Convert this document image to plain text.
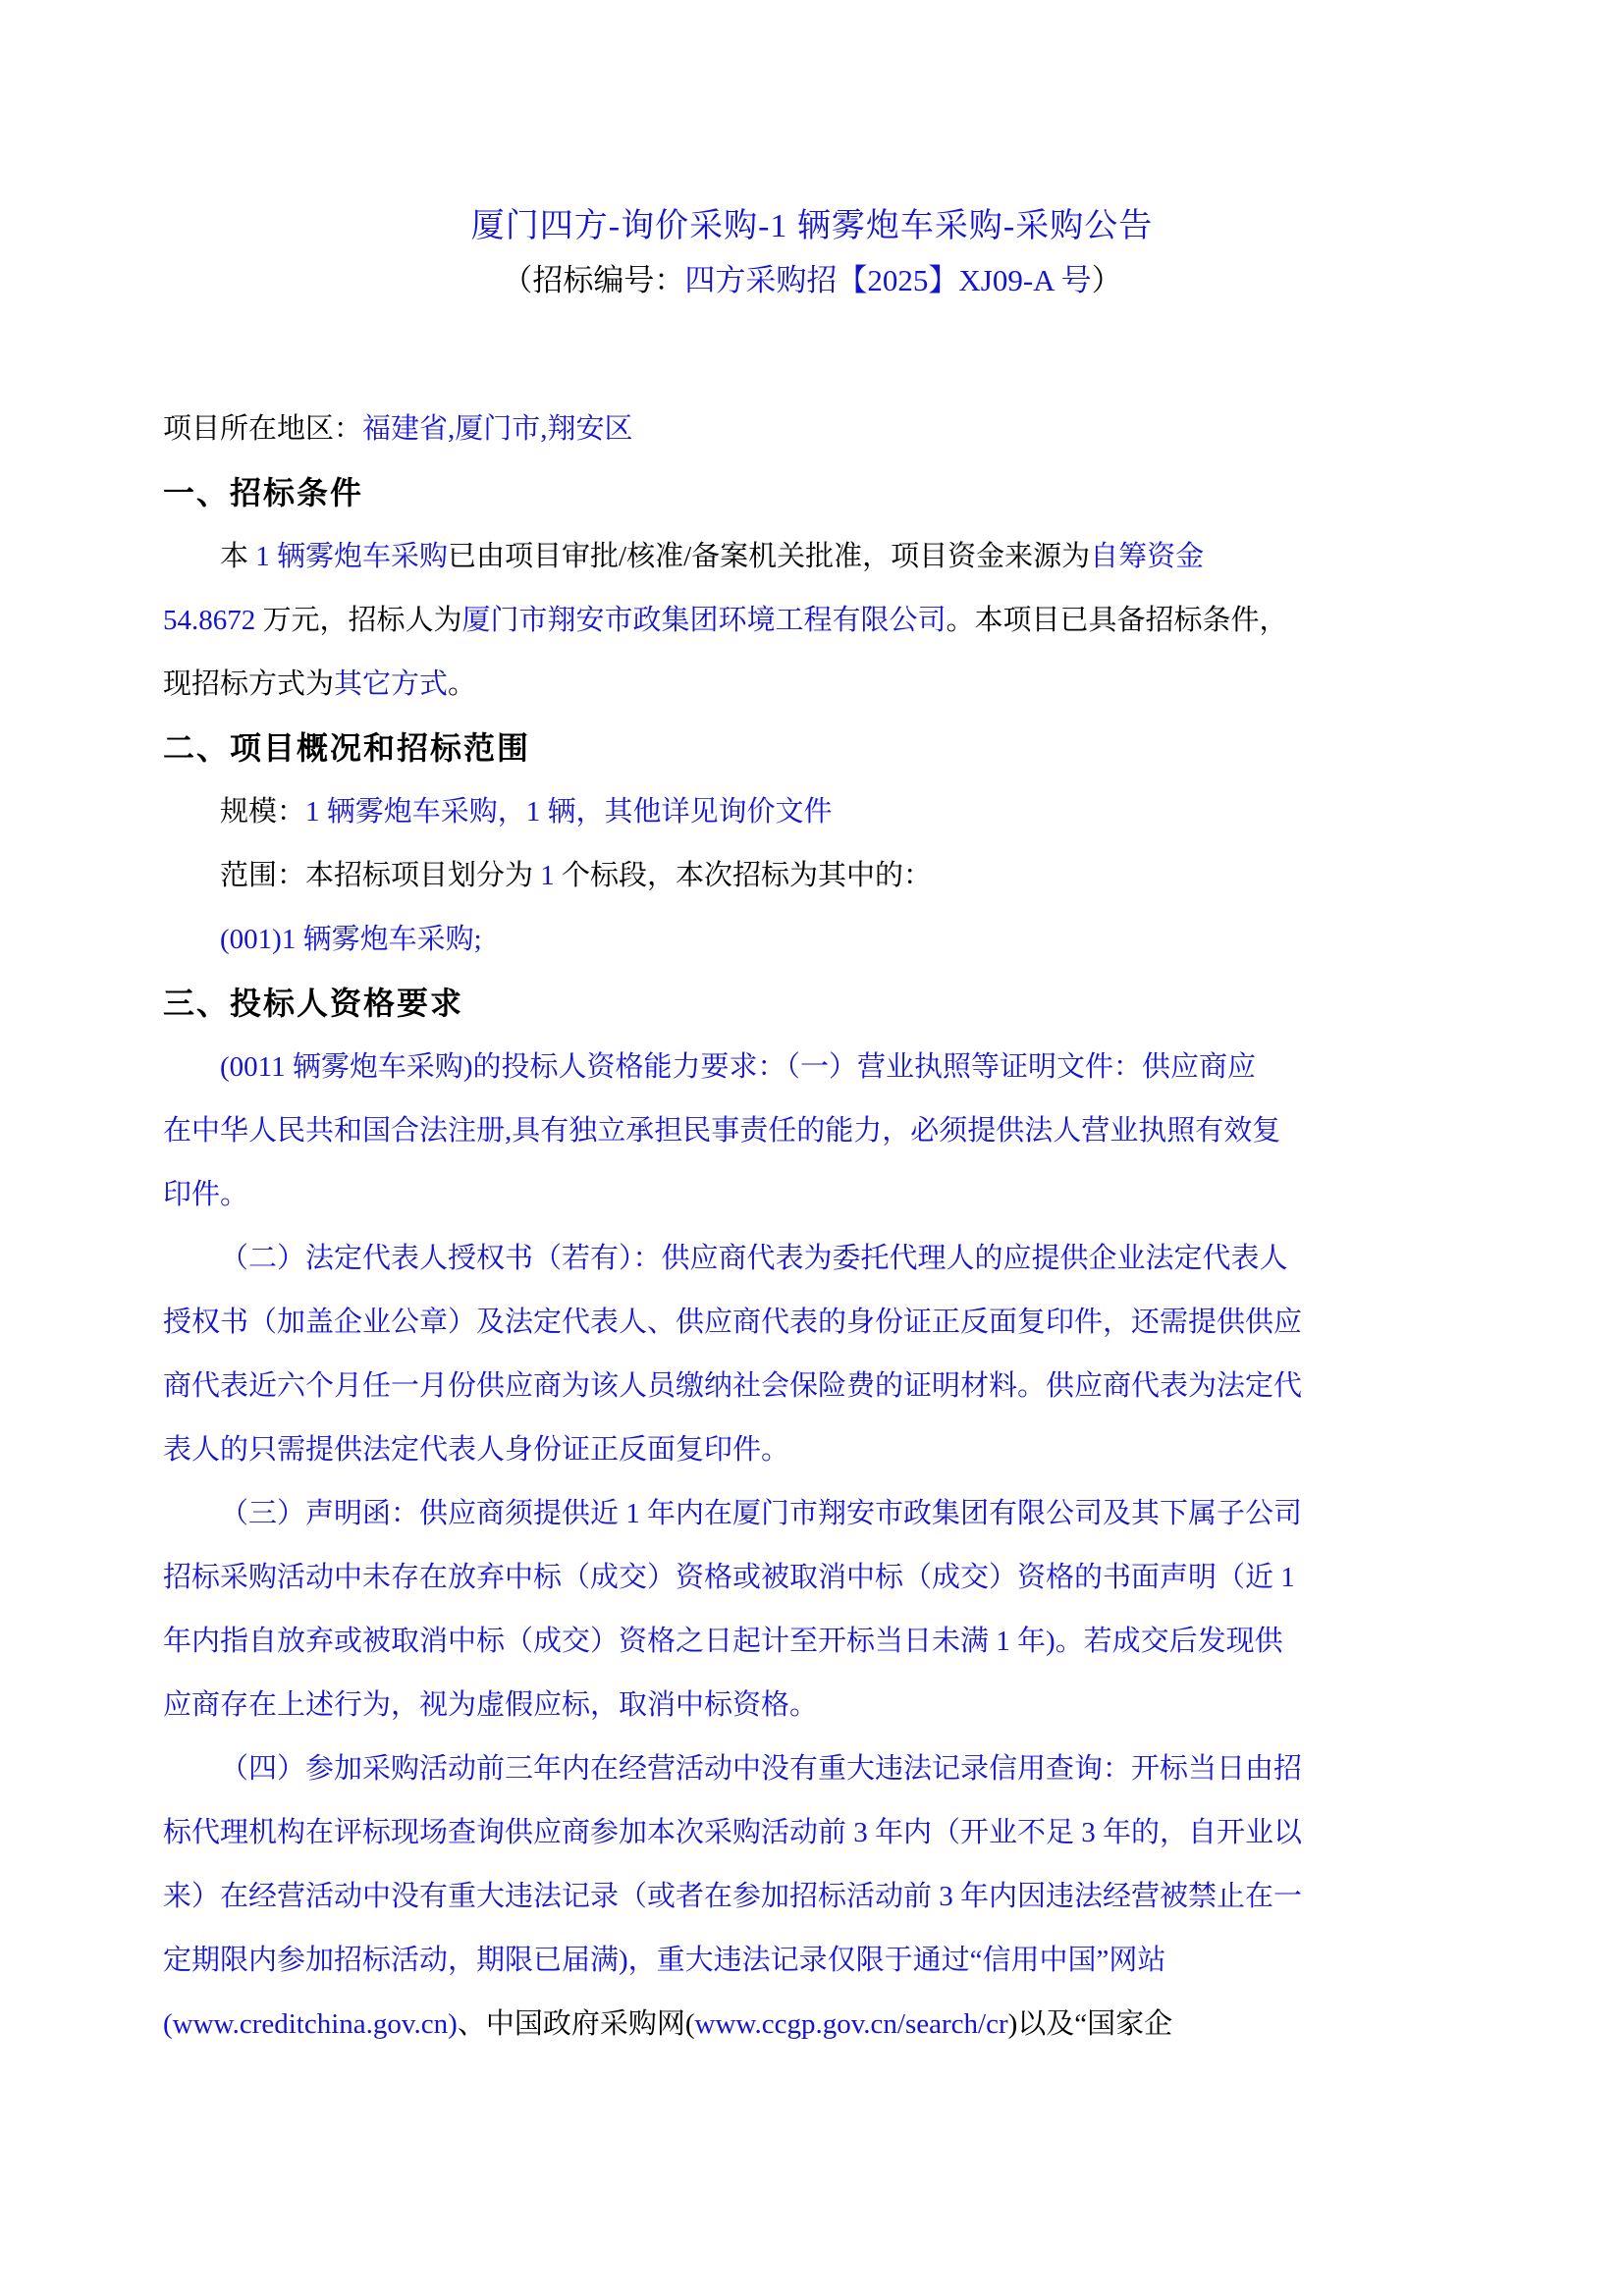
厦门四方-询价采购-1 辆雾炮车采购-采购公告
（招标编号：四方采购招【2025】XJ09-A 号）
项目所在地区：福建省,厦门市,翔安区
一、招标条件
本 1 辆雾炮车采购已由项目审批/核准/备案机关批准，项目资金来源为自筹资金
54.8672 万元，招标人为厦门市翔安市政集团环境工程有限公司。本项目已具备招标条件，
现招标方式为其它方式。
二、项目概况和招标范围
规模：1 辆雾炮车采购，1 辆，其他详见询价文件
范围：本招标项目划分为 1 个标段，本次招标为其中的：
(001)1 辆雾炮车采购;
三、投标人资格要求
(0011 辆雾炮车采购)的投标人资格能力要求：（一）营业执照等证明文件：供应商应
在中华人民共和国合法注册,具有独立承担民事责任的能力，必须提供法人营业执照有效复
印件。
（二）法定代表人授权书（若有）：供应商代表为委托代理人的应提供企业法定代表人
授权书（加盖企业公章）及法定代表人、供应商代表的身份证正反面复印件，还需提供供应
商代表近六个月任一月份供应商为该人员缴纳社会保险费的证明材料。供应商代表为法定代
表人的只需提供法定代表人身份证正反面复印件。
（三）声明函：供应商须提供近 1 年内在厦门市翔安市政集团有限公司及其下属子公司
招标采购活动中未存在放弃中标（成交）资格或被取消中标（成交）资格的书面声明（近 1
年内指自放弃或被取消中标（成交）资格之日起计至开标当日未满 1 年)。若成交后发现供
应商存在上述行为，视为虚假应标，取消中标资格。
（四）参加采购活动前三年内在经营活动中没有重大违法记录信用查询：开标当日由招
标代理机构在评标现场查询供应商参加本次采购活动前 3 年内（开业不足 3 年的，自开业以
来）在经营活动中没有重大违法记录（或者在参加招标活动前 3 年内因违法经营被禁止在一
定期限内参加招标活动，期限已届满)，重大违法记录仅限于通过“信用中国”网站
(www.creditchina.gov.cn)、中国政府采购网(www.ccgp.gov.cn/search/cr)以及“国家企
